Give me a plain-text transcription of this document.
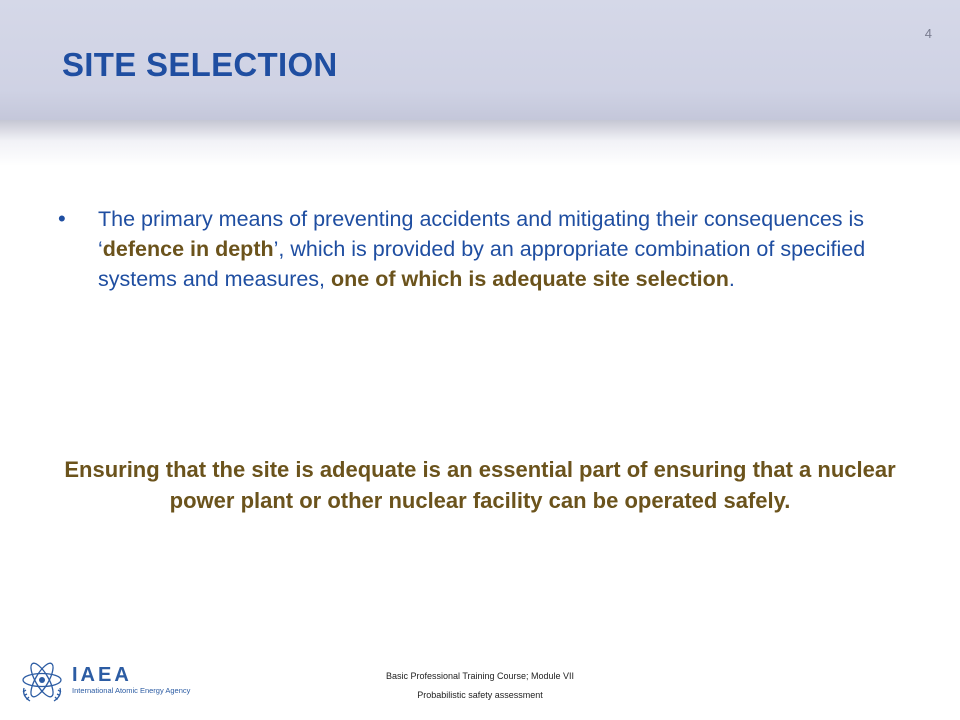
4
SITE SELECTION
•	The primary means of preventing accidents and mitigating their consequences is ‘defence in depth’, which is provided by an appropriate combination of specified systems and measures, one of which is adequate site selection.

Ensuring that the site is adequate is an essential part of ensuring that a nuclear power plant or other nuclear facility can be operated safely.

IAEA
International Atomic Energy Agency
Basic Professional Training Course; Module VII
Probabilistic safety assessment
